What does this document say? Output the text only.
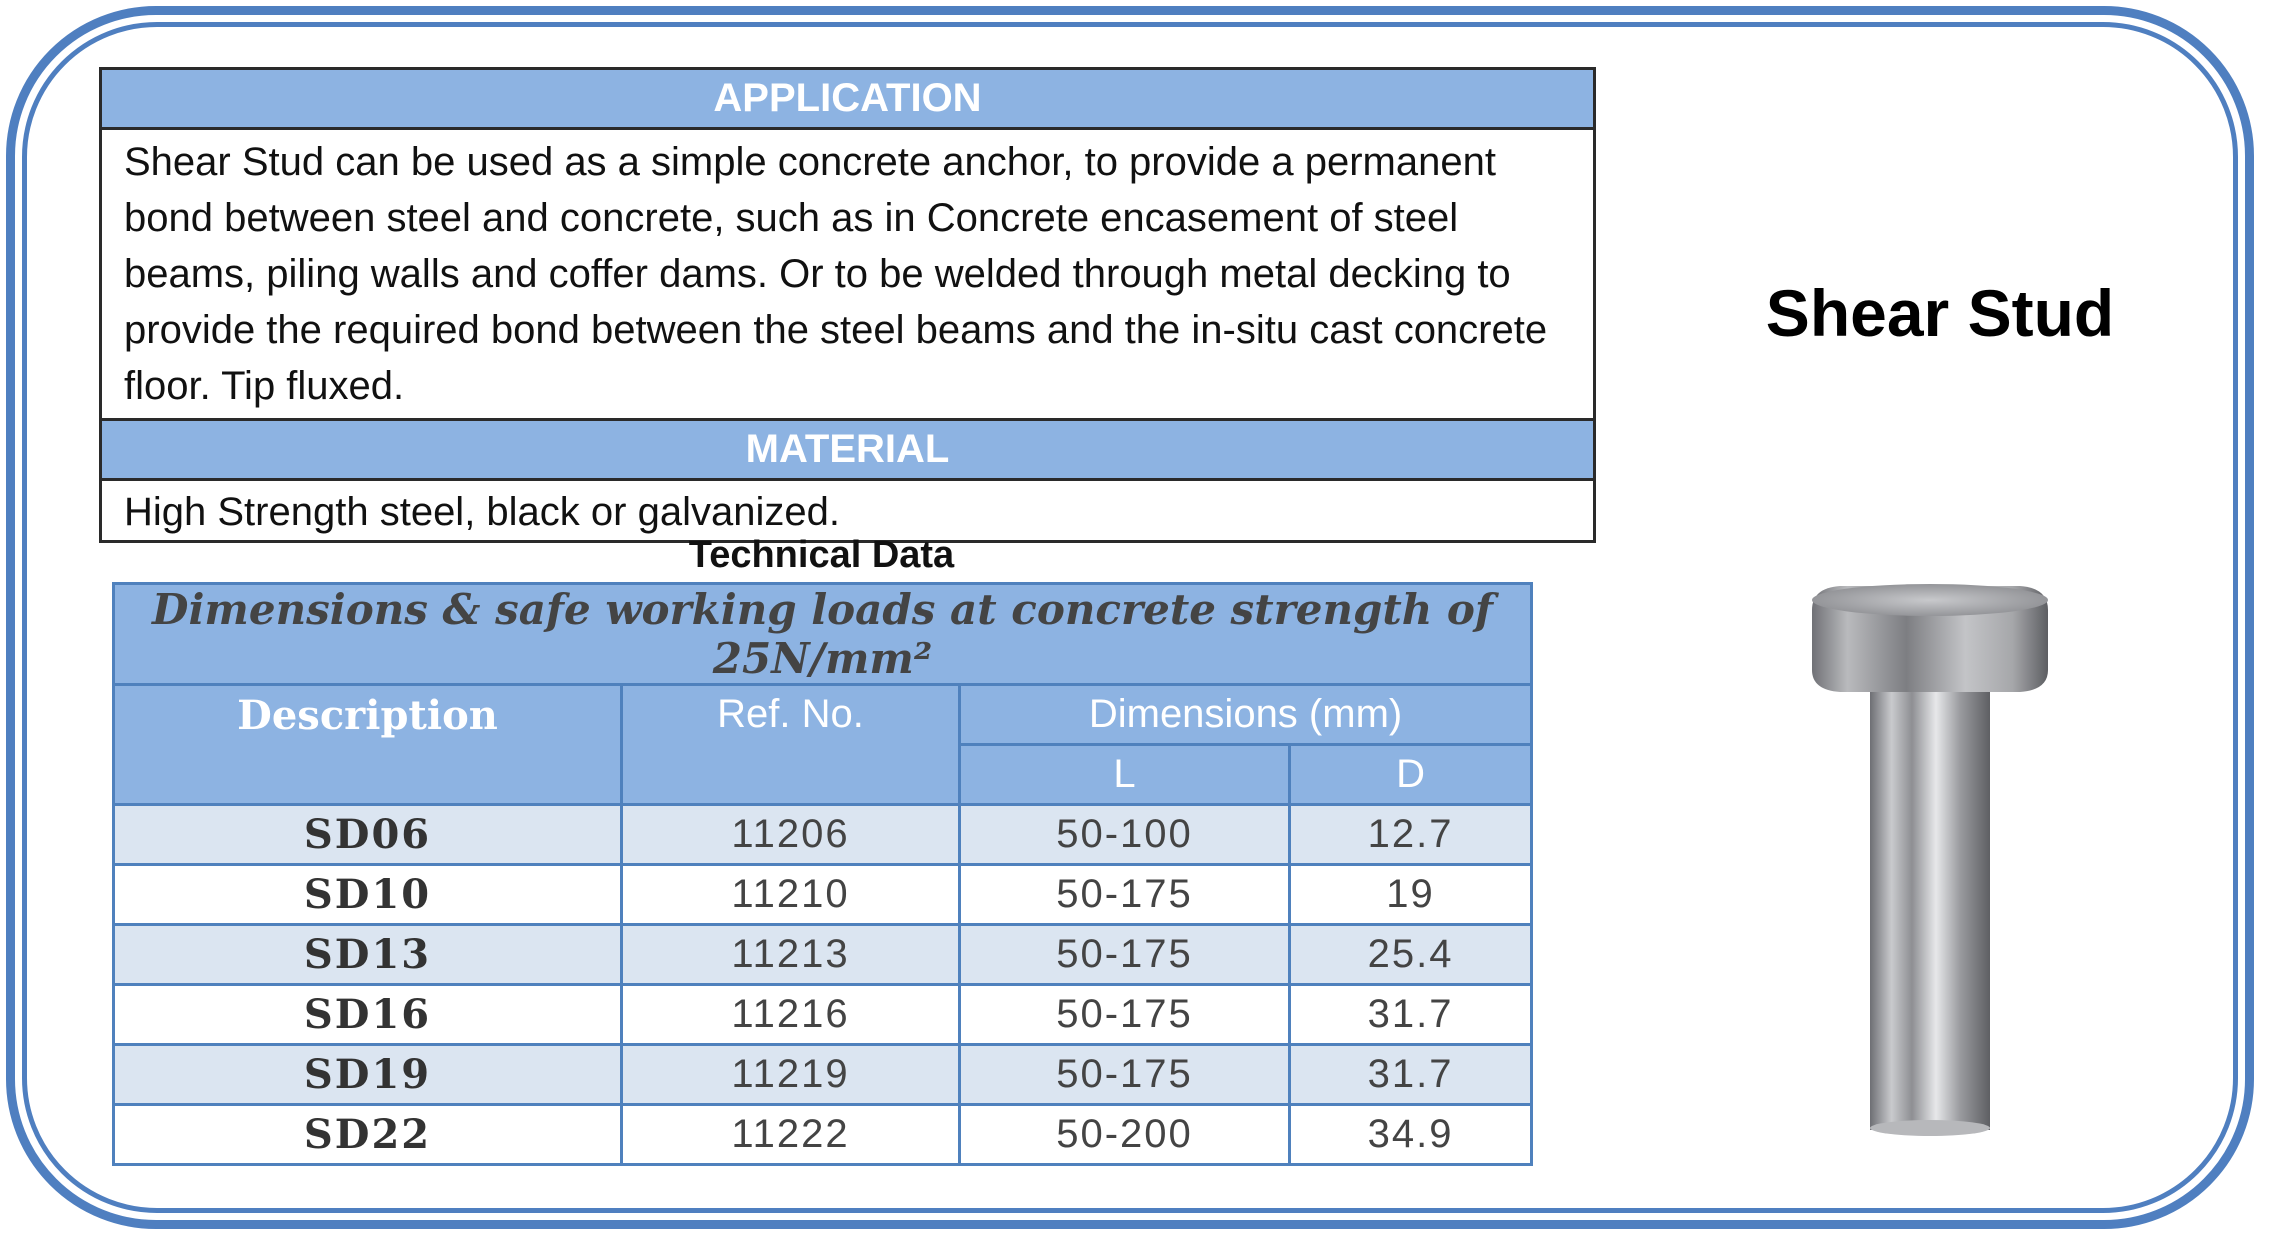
APPLICATION
Shear Stud can be used as a simple concrete anchor, to provide a permanent bond between steel and concrete, such as in Concrete encasement of steel beams, piling walls and coffer dams. Or to be welded through metal decking to provide the required bond between the steel beams and the in-situ cast concrete floor. Tip fluxed.
MATERIAL
High Strength steel, black or galvanized.
Technical Data
Dimensions & safe working loads at concrete strength of 25N/mm²			
Description	Ref. No.	Dimensions (mm)	
		L	D
SD06	11206	50-100	12.7
SD10	11210	50-175	19
SD13	11213	50-175	25.4
SD16	11216	50-175	31.7
SD19	11219	50-175	31.7
SD22	11222	50-200	34.9
Shear Stud
